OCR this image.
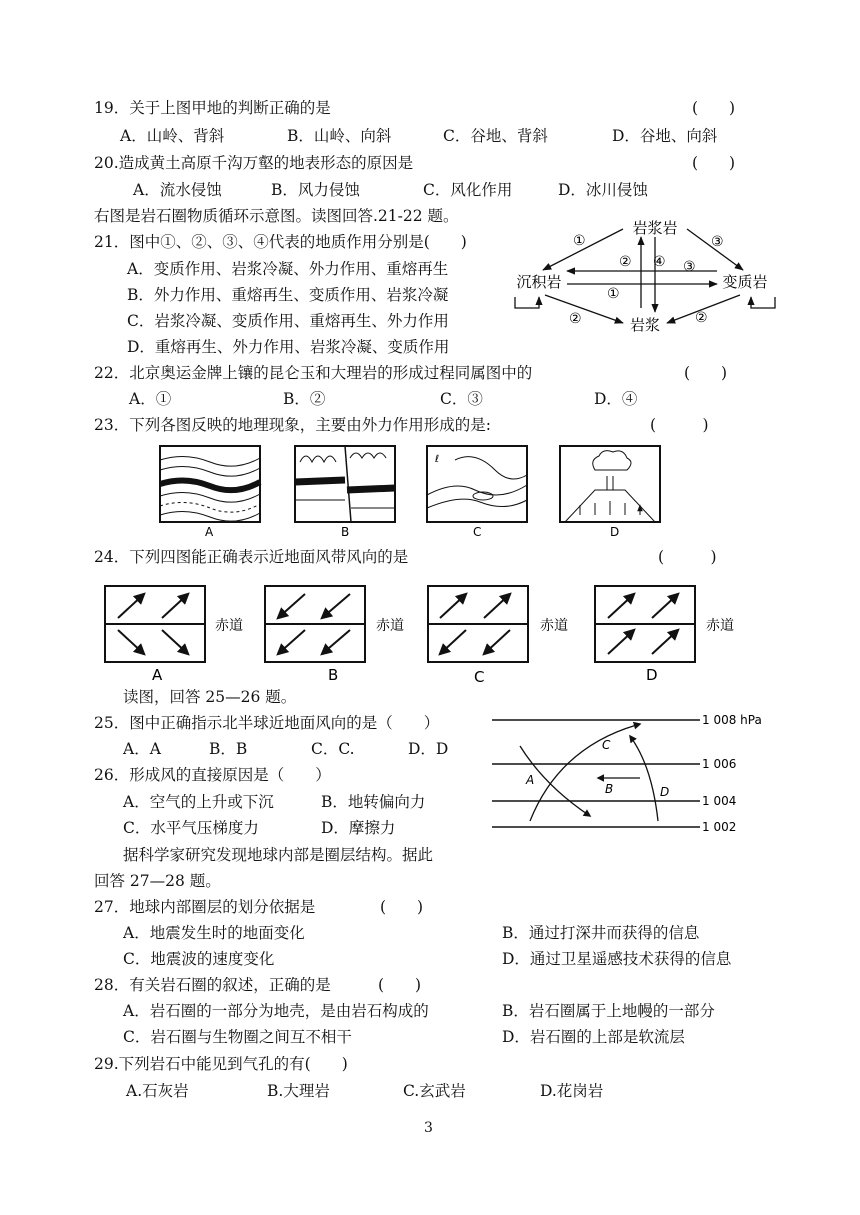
19．关于上图甲地的判断正确的是	(　　)
A．山岭、背斜	B．山岭、向斜	C．谷地、背斜	D．谷地、向斜
20.造成黄土高原千沟万壑的地表形态的原因是	(　　)
A．流水侵蚀	B．风力侵蚀	C．风化作用	D．冰川侵蚀
右图是岩石圈物质循环示意图。读图回答.21-22 题。
21．图中①、②、③、④代表的地质作用分别是(　　)
A．变质作用、岩浆冷凝、外力作用、重熔再生
B．外力作用、重熔再生、变质作用、岩浆冷凝
C．岩浆冷凝、变质作用、重熔再生、外力作用
D．重熔再生、外力作用、岩浆冷凝、变质作用
岩浆岩
沉积岩	变质岩
岩浆
①	③
② ④ ③
①
②	②
22．北京奥运金牌上镶的昆仑玉和大理岩的形成过程同属图中的	(　　)
A．①	B．②	C．③	D．④
23．下列各图反映的地理现象，主要由外力作用形成的是:	(　　　)
ℓ
A	B	C	D
24．下列四图能正确表示近地面风带风向的是	(　　　)
赤道	赤道	赤道	赤道
A	B	C	D
读图，回答 25—26 题。
25．图中正确指示北半球近地面风向的是（　　）
A．A	B．B	C．C.	D．D
1 008 hPa
1 006
1 004
1 002
A
B
C
D
26．形成风的直接原因是（　　）
A．空气的上升或下沉	B．地转偏向力
C．水平气压梯度力	D．摩擦力
据科学家研究发现地球内部是圈层结构。据此
回答 27—28 题。
27．地球内部圈层的划分依据是	(　　)
A．地震发生时的地面变化	B．通过打深井而获得的信息
C．地震波的速度变化	D．通过卫星遥感技术获得的信息
28．有关岩石圈的叙述，正确的是	(　　)
A．岩石圈的一部分为地壳，是由岩石构成的	B．岩石圈属于上地幔的一部分
C．岩石圈与生物圈之间互不相干	D．岩石圈的上部是软流层
29.下列岩石中能见到气孔的有(　　)
A.石灰岩	B.大理岩	C.玄武岩	D.花岗岩
3
